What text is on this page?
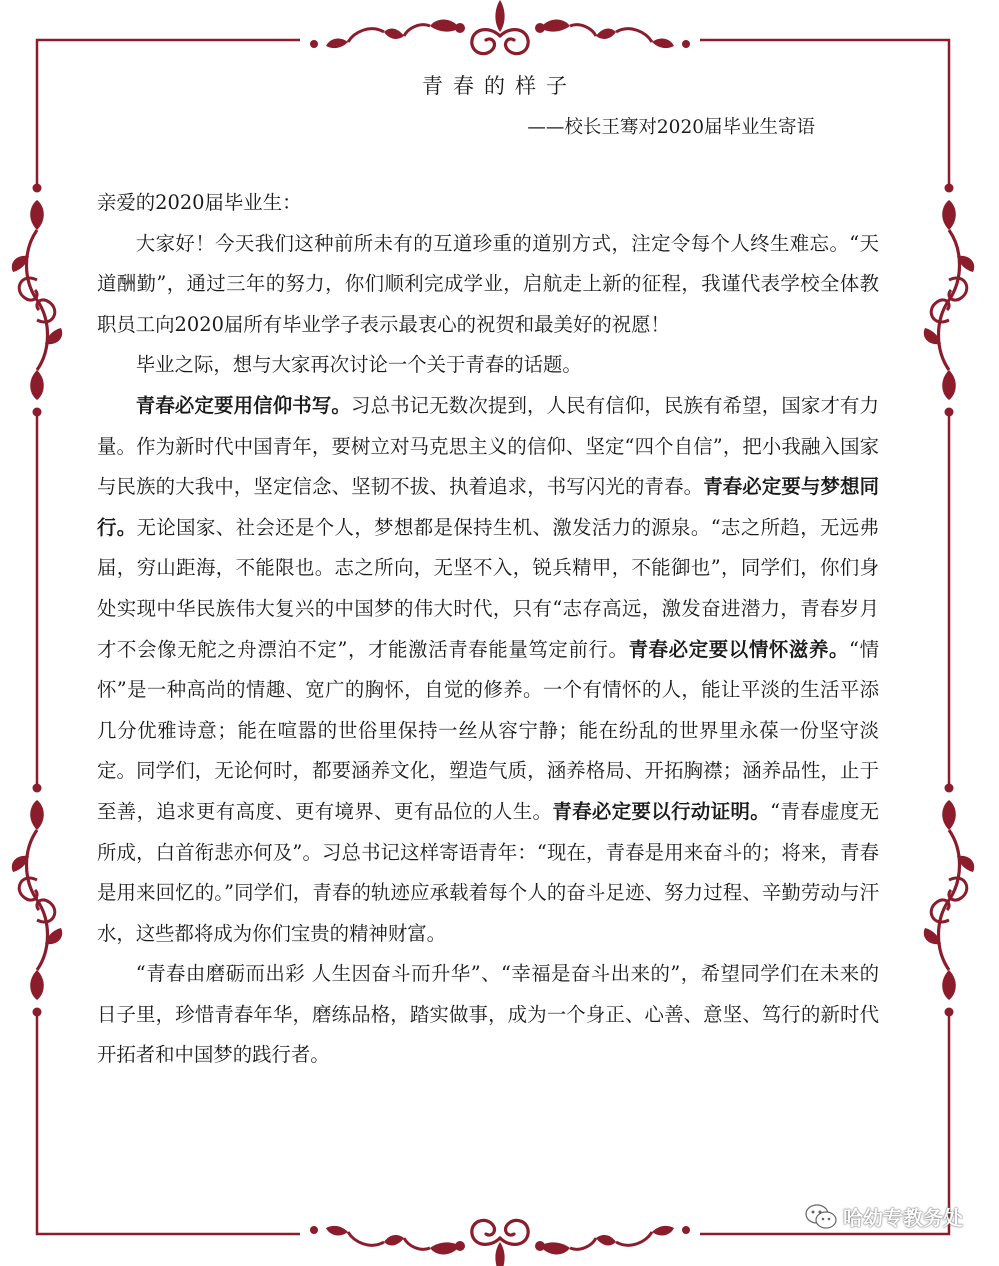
青春的样子

——校长王骞对2020届毕业生寄语

亲爱的2020届毕业生：

大家好！今天我们这种前所未有的互道珍重的道别方式，注定令每个人终生难忘。“天道酬勤”，通过三年的努力，你们顺利完成学业，启航走上新的征程，我谨代表学校全体教职员工向2020届所有毕业学子表示最衷心的祝贺和最美好的祝愿！

毕业之际，想与大家再次讨论一个关于青春的话题。

青春必定要用信仰书写。习总书记无数次提到，人民有信仰，民族有希望，国家才有力量。作为新时代中国青年，要树立对马克思主义的信仰、坚定“四个自信”，把小我融入国家与民族的大我中，坚定信念、坚韧不拔、执着追求，书写闪光的青春。青春必定要与梦想同行。无论国家、社会还是个人，梦想都是保持生机、激发活力的源泉。“志之所趋，无远弗届，穷山距海，不能限也。志之所向，无坚不入，锐兵精甲，不能御也”，同学们，你们身处实现中华民族伟大复兴的中国梦的伟大时代，只有“志存高远，激发奋进潜力，青春岁月才不会像无舵之舟漂泊不定”，才能激活青春能量笃定前行。青春必定要以情怀滋养。“情怀”是一种高尚的情趣、宽广的胸怀，自觉的修养。一个有情怀的人，能让平淡的生活平添几分优雅诗意；能在喧嚣的世俗里保持一丝从容宁静；能在纷乱的世界里永葆一份坚守淡定。同学们，无论何时，都要涵养文化，塑造气质，涵养格局、开拓胸襟；涵养品性，止于至善，追求更有高度、更有境界、更有品位的人生。青春必定要以行动证明。“青春虚度无所成，白首衔悲亦何及”。习总书记这样寄语青年：“现在，青春是用来奋斗的；将来，青春是用来回忆的。”同学们，青春的轨迹应承载着每个人的奋斗足迹、努力过程、辛勤劳动与汗水，这些都将成为你们宝贵的精神财富。

“青春由磨砺而出彩 人生因奋斗而升华”、“幸福是奋斗出来的”，希望同学们在未来的日子里，珍惜青春年华，磨练品格，踏实做事，成为一个身正、心善、意坚、笃行的新时代开拓者和中国梦的践行者。

哈幼专教务处
